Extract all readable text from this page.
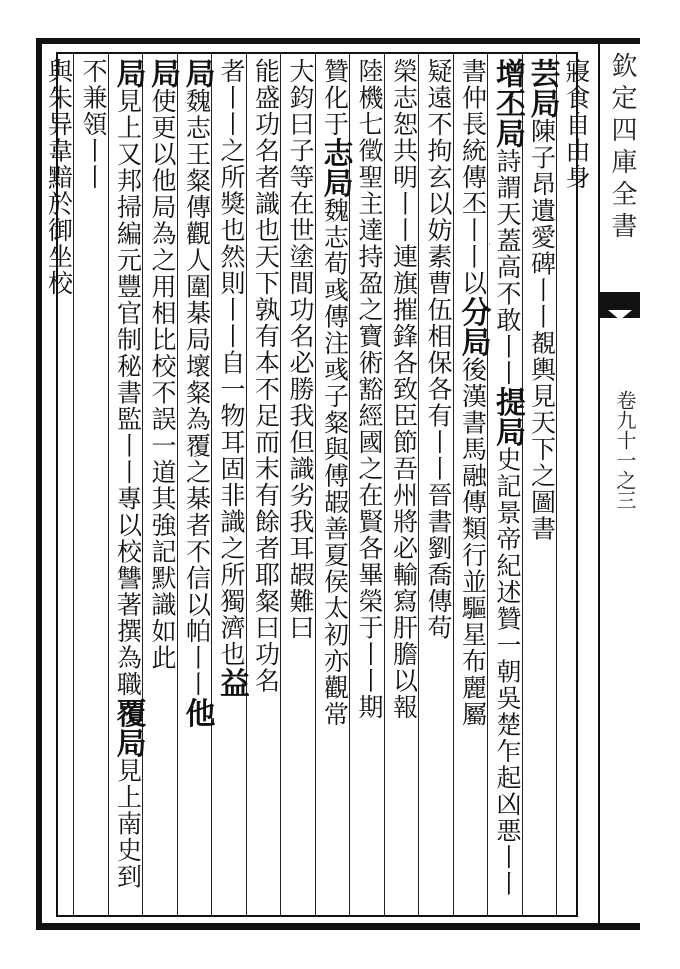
欽定四庫全書
卷九十一之三
寢食自由身
芸局陳子昂遺愛碑丨丨覩輿見天下之圖書
增丕局詩謂天蓋高不敢丨丨提局史記景帝紀述贊一朝吳楚乍起凶悪丨丨
書仲長統傳丕丨丨以分局後漢書馬融傳類行並驅星布麗屬
疑遠不拘玄以妨素曹伍相保各有丨丨晉書劉喬傳苟
榮志恕共明丨丨連旗摧鋒各致臣節吾州將必輸寫肝膽以報
陸機七徵聖主達持盈之寶術豁經國之在賢各畢榮于丨丨期
贊化于志局魏志荀彧傳注彧子粲與傅嘏善夏侯太初亦觀常
大鈞曰子等在世塗間功名必勝我但識劣我耳嘏難曰
能盛功名者識也天下孰有本不足而末有餘者耶粲曰功名
者丨丨之所獎也然則丨丨自一物耳固非識之所獨濟也益
局魏志王粲傳觀人圍棊局壞粲為覆之棊者不信以帕丨丨他
局使更以他局為之用相比校不誤一道其強記默識如此
局見上又邦掃編元豐官制秘書監丨丨專以校讐著撰為職覆局見上南史到
不兼領丨丨
與朱异韋黯於御坐校
